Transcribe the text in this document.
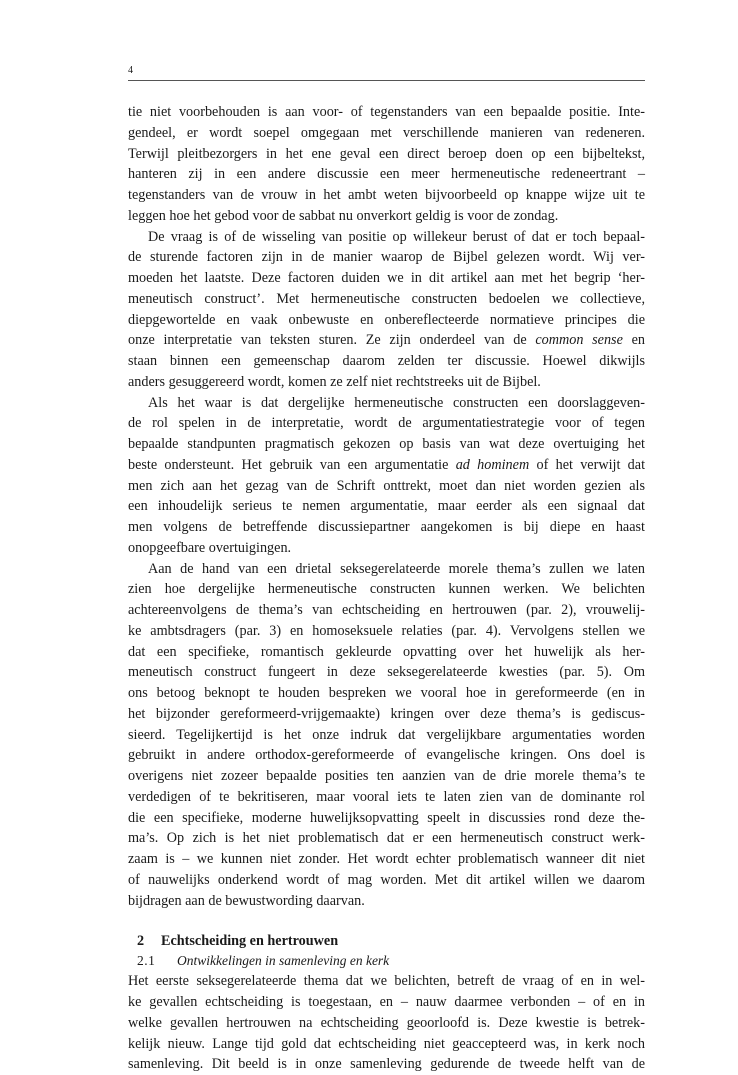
4
tie niet voorbehouden is aan voor- of tegenstanders van een bepaalde positie. Inte-
gendeel, er wordt soepel omgegaan met verschillende manieren van redeneren.
Terwijl pleitbezorgers in het ene geval een direct beroep doen op een bijbeltekst,
hanteren zij in een andere discussie een meer hermeneutische redeneertrant –
tegenstanders van de vrouw in het ambt weten bijvoorbeeld op knappe wijze uit te
leggen hoe het gebod voor de sabbat nu onverkort geldig is voor de zondag.
De vraag is of de wisseling van positie op willekeur berust of dat er toch bepaal-
de sturende factoren zijn in de manier waarop de Bijbel gelezen wordt. Wij ver-
moeden het laatste. Deze factoren duiden we in dit artikel aan met het begrip ‘her-
meneutisch construct’. Met hermeneutische constructen bedoelen we collectieve,
diepgewortelde en vaak onbewuste en onbereflecteerde normatieve principes die
onze interpretatie van teksten sturen. Ze zijn onderdeel van de common sense en
staan binnen een gemeenschap daarom zelden ter discussie. Hoewel dikwijls
anders gesuggereerd wordt, komen ze zelf niet rechtstreeks uit de Bijbel.
Als het waar is dat dergelijke hermeneutische constructen een doorslaggeven-
de rol spelen in de interpretatie, wordt de argumentatiestrategie voor of tegen
bepaalde standpunten pragmatisch gekozen op basis van wat deze overtuiging het
beste ondersteunt. Het gebruik van een argumentatie ad hominem of het verwijt dat
men zich aan het gezag van de Schrift onttrekt, moet dan niet worden gezien als
een inhoudelijk serieus te nemen argumentatie, maar eerder als een signaal dat
men volgens de betreffende discussiepartner aangekomen is bij diepe en haast
onopgeefbare overtuigingen.
Aan de hand van een drietal seksegerelateerde morele thema’s zullen we laten
zien hoe dergelijke hermeneutische constructen kunnen werken. We belichten
achtereenvolgens de thema’s van echtscheiding en hertrouwen (par. 2), vrouwelij-
ke ambtsdragers (par. 3) en homoseksuele relaties (par. 4). Vervolgens stellen we
dat een specifieke, romantisch gekleurde opvatting over het huwelijk als her-
meneutisch construct fungeert in deze seksegerelateerde kwesties (par. 5). Om
ons betoog beknopt te houden bespreken we vooral hoe in gereformeerde (en in
het bijzonder gereformeerd-vrijgemaakte) kringen over deze thema’s is gediscus-
sieerd. Tegelijkertijd is het onze indruk dat vergelijkbare argumentaties worden
gebruikt in andere orthodox-gereformeerde of evangelische kringen. Ons doel is
overigens niet zozeer bepaalde posities ten aanzien van de drie morele thema’s te
verdedigen of te bekritiseren, maar vooral iets te laten zien van de dominante rol
die een specifieke, moderne huwelijksopvatting speelt in discussies rond deze the-
ma’s. Op zich is het niet problematisch dat er een hermeneutisch construct werk-
zaam is – we kunnen niet zonder. Het wordt echter problematisch wanneer dit niet
of nauwelijks onderkend wordt of mag worden. Met dit artikel willen we daarom
bijdragen aan de bewustwording daarvan.
2	Echtscheiding en hertrouwen
2.1	Ontwikkelingen in samenleving en kerk
Het eerste seksegerelateerde thema dat we belichten, betreft de vraag of en in wel-
ke gevallen echtscheiding is toegestaan, en – nauw daarmee verbonden – of en in
welke gevallen hertrouwen na echtscheiding geoorloofd is. Deze kwestie is betrek-
kelijk nieuw. Lange tijd gold dat echtscheiding niet geaccepteerd was, in kerk noch
samenleving. Dit beeld is in onze samenleving gedurende de tweede helft van de
